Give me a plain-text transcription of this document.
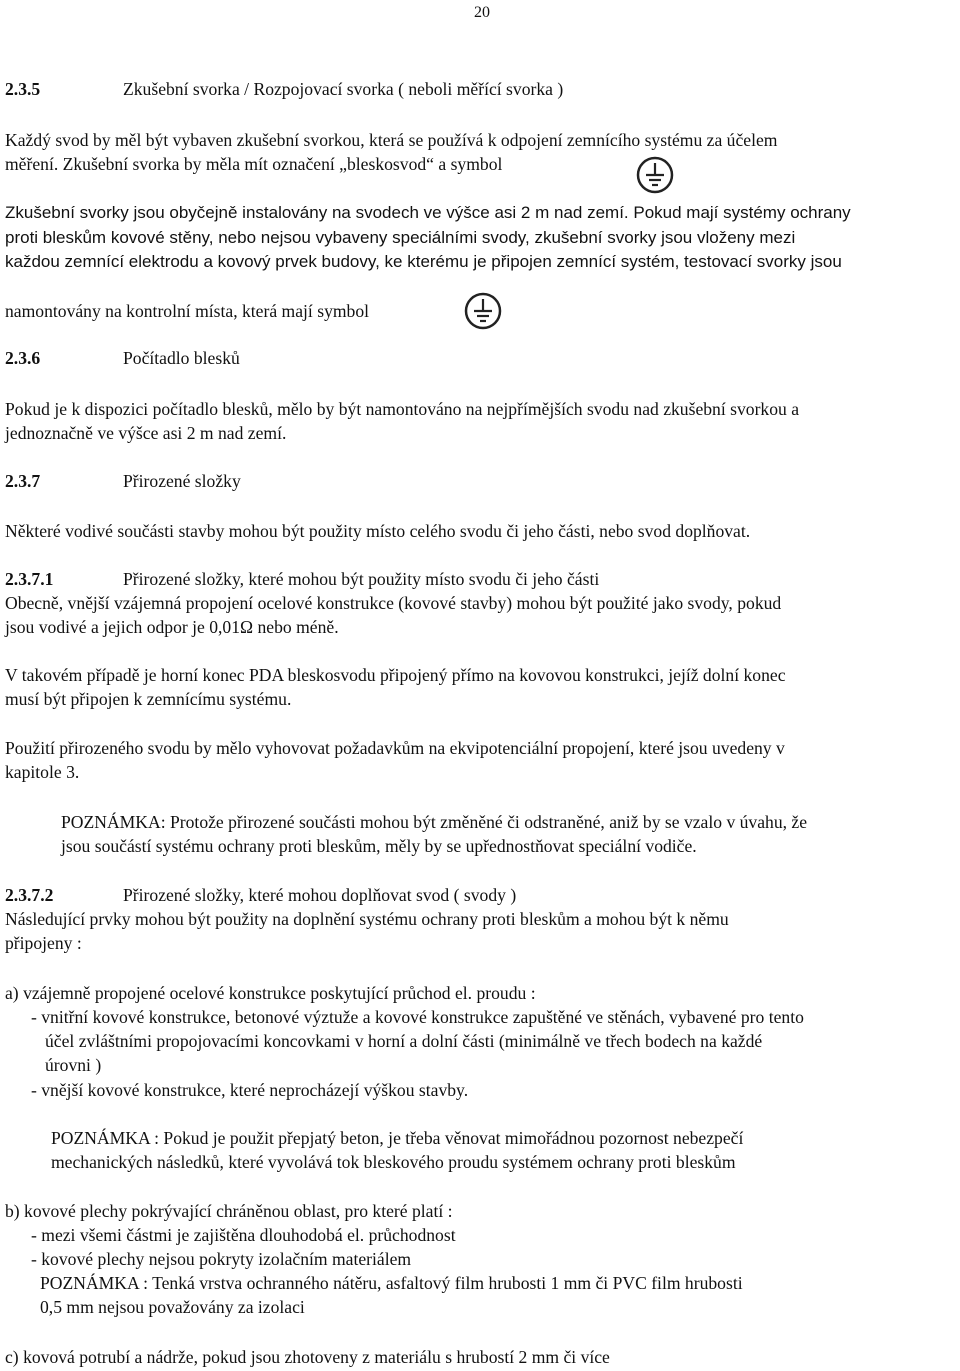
20
2.3.5	Zkušební svorka / Rozpojovací svorka ( neboli měřící svorka )
Každý svod by měl být vybaven zkušební svorkou, která se používá k odpojení zemnícího systému za účelem
měření. Zkušební svorka by měla mít označení „bleskosvod“ a symbol
Zkušební svorky jsou obyčejně instalovány na svodech ve výšce asi 2 m nad zemí. Pokud mají systémy ochrany
proti bleskům kovové stěny, nebo nejsou vybaveny speciálními svody, zkušební svorky jsou vloženy mezi
každou zemnící elektrodu a kovový prvek budovy, ke kterému je připojen zemnící systém, testovací svorky jsou
namontovány na kontrolní místa, která mají symbol
2.3.6	Počítadlo blesků
Pokud je k dispozici počítadlo blesků, mělo by být namontováno na nejpřímějších svodu nad zkušební svorkou a
jednoznačně ve výšce asi 2 m nad zemí.
2.3.7	Přirozené složky
Některé vodivé součásti stavby mohou být použity místo celého svodu či jeho části, nebo svod doplňovat.
2.3.7.1	Přirozené složky, které mohou být použity místo svodu či jeho části
Obecně, vnější vzájemná propojení ocelové konstrukce (kovové stavby) mohou být použité jako svody, pokud
jsou vodivé a jejich odpor je 0,01Ω nebo méně.
V takovém případě je horní konec PDA bleskosvodu připojený přímo na kovovou konstrukci, jejíž dolní konec
musí být připojen k zemnícímu systému.
Použití přirozeného svodu by mělo vyhovovat požadavkům na ekvipotenciální propojení, které jsou uvedeny v
kapitole 3.
POZNÁMKA: Protože přirozené součásti mohou být změněné či odstraněné, aniž by se vzalo v úvahu, že
jsou součástí systému ochrany proti bleskům, měly by se upřednostňovat speciální vodiče.
2.3.7.2	Přirozené složky, které mohou doplňovat svod ( svody )
Následující prvky mohou být použity na doplnění systému ochrany proti bleskům a mohou být k němu
připojeny :
a) vzájemně propojené ocelové konstrukce poskytující průchod el. proudu :
- vnitřní kovové konstrukce, betonové výztuže a kovové konstrukce zapuštěné ve stěnách, vybavené pro tento
účel zvláštními propojovacími koncovkami v horní a dolní části (minimálně ve třech bodech na každé
úrovni )
- vnější kovové konstrukce, které neprocházejí výškou stavby.
POZNÁMKA : Pokud je použit přepjatý beton, je třeba věnovat mimořádnou pozornost nebezpečí
mechanických následků, které vyvolává tok bleskového proudu systémem ochrany proti bleskům
b) kovové plechy pokrývající chráněnou oblast, pro které platí :
- mezi všemi částmi je zajištěna dlouhodobá el. průchodnost
- kovové plechy nejsou pokryty izolačním materiálem
POZNÁMKA : Tenká vrstva ochranného nátěru, asfaltový film hrubosti 1 mm či PVC film hrubosti
0,5 mm nejsou považovány za izolaci
c) kovová potrubí a nádrže, pokud jsou zhotoveny z materiálu s hrubostí 2 mm či více
